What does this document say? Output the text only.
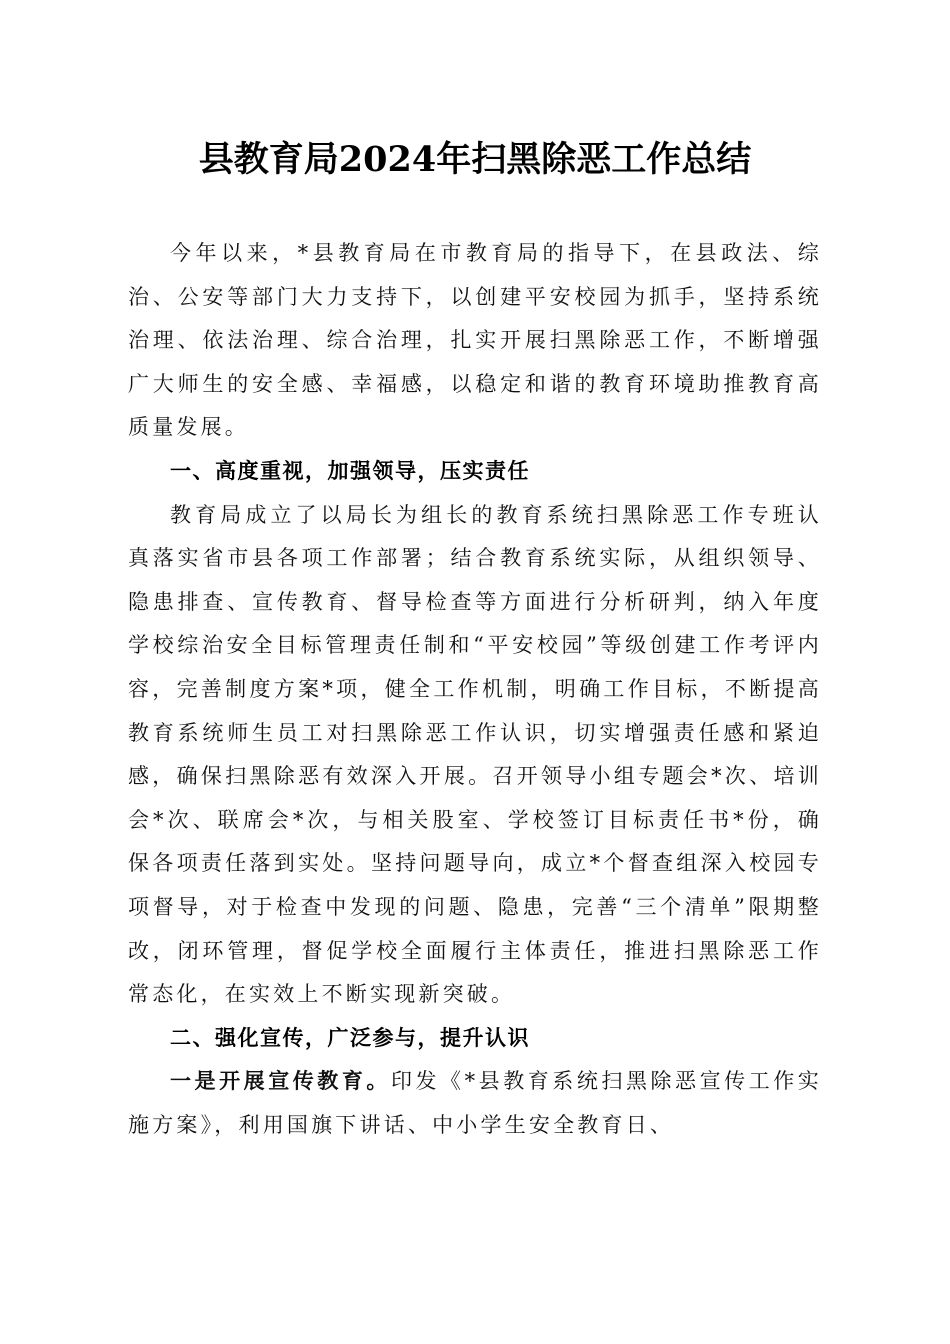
县教育局2024年扫黑除恶工作总结

今年以来，*县教育局在市教育局的指导下，在县政法、综治、公安等部门大力支持下，以创建平安校园为抓手，坚持系统治理、依法治理、综合治理，扎实开展扫黑除恶工作，不断增强广大师生的安全感、幸福感，以稳定和谐的教育环境助推教育高质量发展。

一、高度重视，加强领导，压实责任

教育局成立了以局长为组长的教育系统扫黑除恶工作专班认真落实省市县各项工作部署；结合教育系统实际，从组织领导、隐患排查、宣传教育、督导检查等方面进行分析研判，纳入年度学校综治安全目标管理责任制和“平安校园”等级创建工作考评内容，完善制度方案*项，健全工作机制，明确工作目标，不断提高教育系统师生员工对扫黑除恶工作认识，切实增强责任感和紧迫感，确保扫黑除恶有效深入开展。召开领导小组专题会*次、培训会*次、联席会*次，与相关股室、学校签订目标责任书*份，确保各项责任落到实处。坚持问题导向，成立*个督查组深入校园专项督导，对于检查中发现的问题、隐患，完善“三个清单”限期整改，闭环管理，督促学校全面履行主体责任，推进扫黑除恶工作常态化，在实效上不断实现新突破。

二、强化宣传，广泛参与，提升认识

一是开展宣传教育。印发《*县教育系统扫黑除恶宣传工作实施方案》，利用国旗下讲话、中小学生安全教育日、
